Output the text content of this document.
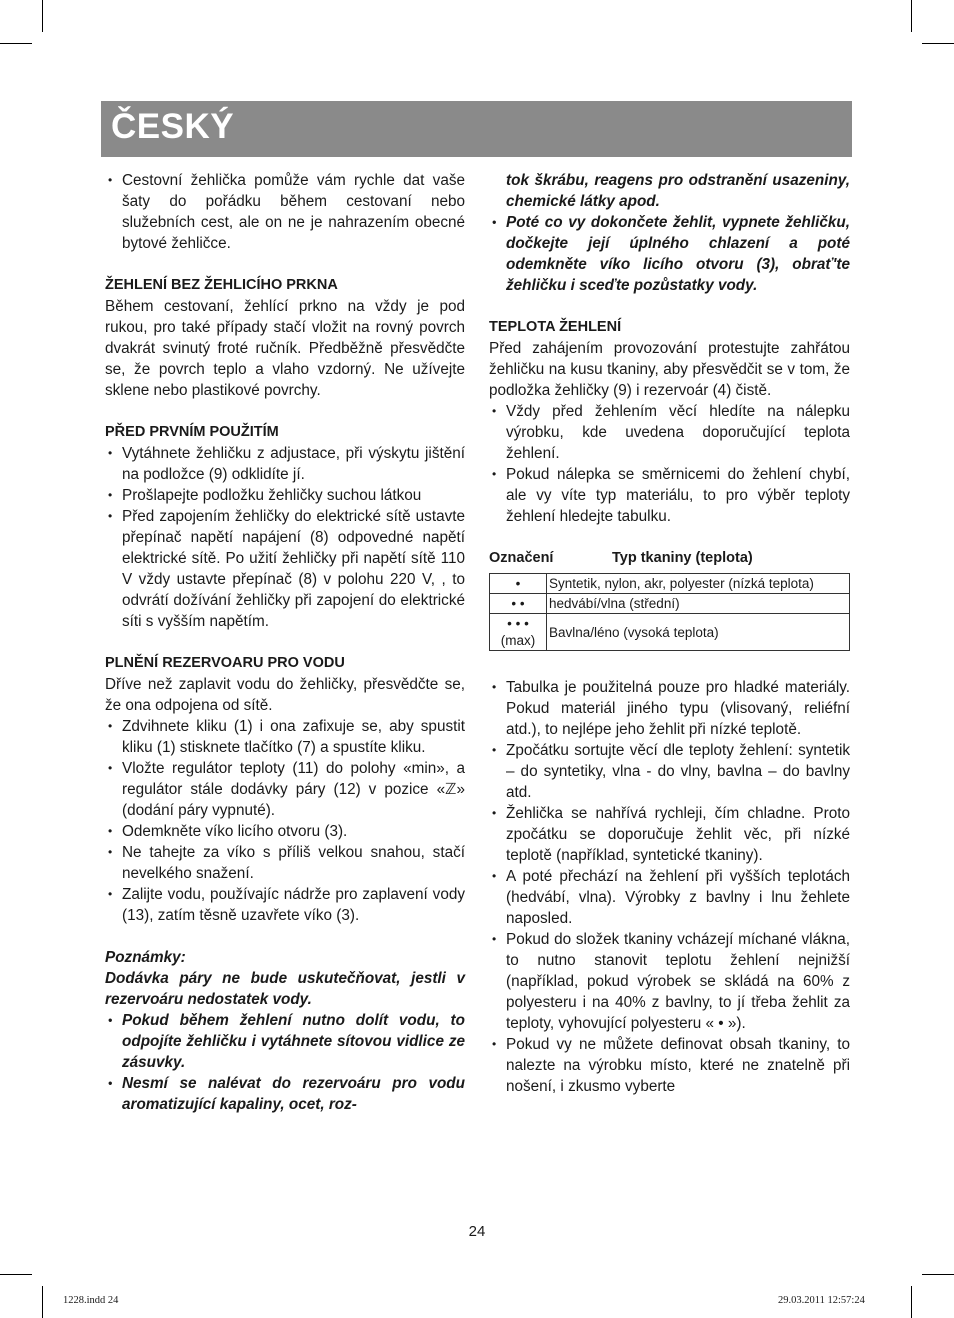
ČESKÝ
• Cestovní žehlička pomůže vám rychle dat vaše šaty do pořádku během cestovaní nebo služebních cest, ale on ne je nahrazením obecné bytové žehličce.
ŽEHLENÍ BEZ ŽEHLICÍHO PRKNA

Během cestovaní, žehlící prkno na vždy je pod rukou, pro také případy stačí vložit na rovný povrch dvakrát svinutý froté ručník. Předběžně přesvědčte se, že povrch teplo a vlaho vzdorný. Ne užívejte sklene nebo plastikové povrchy.

PŘED PRVNÍM POUŽITÍM
• Vytáhnete žehličku z adjustace, při výskytu jištění na podložce (9) odklidíte jí.
• Prošlapejte podložku žehličky suchou látkou
• Před zapojením žehličky do elektrické sítě ustavte přepínač napětí napájení (8) odpovedné napětí elektrické sítě. Po užití žehličky při napětí sítě 110 V vždy ustavte přepínač (8) v polohu 220 V, , to odvrátí dožívání žehličky při zapojení do elektrické síti s vyšším napětím.
PLNĚNÍ REZERVOARU PRO VODU

Dříve než zaplavit vodu do žehličky, přesvědčte se, že ona odpojena od sítě.

• Zdvihnete kliku (1) i ona zafixuje se, aby spustit kliku (1) stisknete tlačítko (7) a spustíte kliku.
• Vložte regulátor teploty (11) do polohy «min», a regulátor stále dodávky páry (12) v pozice «ℤ» (dodání páry vypnuté).
• Odemkněte víko licího otvoru (3).
• Ne tahejte za víko s příliš velkou snahou, stačí nevelkého snažení.
• Zalijte vodu, používajíc nádrže pro zaplavení vody (13), zatím těsně uzavřete víko (3).

Poznámky:

Dodávka páry ne bude uskutečňovat, jestli v rezervoáru nedostatek vody.

• Pokud během žehlení nutno dolít vodu, to odpojíte žehličku i vytáhnete sítovou vidlice ze zásuvky.
• Nesmí se nalévat do rezervoáru pro vodu aromatizující kapaliny, ocet, roz-

tok škrábu, reagens pro odstranění usazeniny, chemické látky apod.

• Poté co vy dokončete žehlit, vypnete žehličku, dočkejte její úplného chlazení a poté odemkněte víko licího otvoru (3), obrať'te žehličku i sceďte pozůstatky vody.
TEPLOTA ŽEHLENÍ

Před zahájením provozování protestujte zahřátou žehličku na kusu tkaniny, aby přesvědčit se v tom, že podložka žehličky (9) i rezervoár (4) čistě.

• Vždy před žehlením věcí hledíte na nálepku výrobku, kde uvedena doporučující teplota žehlení.
• Pokud nálepka se směrnicemi do žehlení chybí, ale vy víte typ materiálu, to pro výběr teploty žehlení hledejte tabulku.
Označení	Typ tkaniny (teplota)
•	Syntetik, nylon, akr, polyester (nízká teplota)
• •	hedvábí/vlna (střední)

• • •
(max)	Bavlna/léno (vysoká teplota)
• Tabulka je použitelná pouze pro hladké materiály. Pokud materiál jiného typu (vlisovaný, reliéfní atd.), to nejlépe jeho žehlit při nízké teplotě.
• Zpočátku sortujte věcí dle teploty žehlení: syntetik – do syntetiky, vlna - do vlny, bavlna – do bavlny atd.
• Žehlička se nahřívá rychleji, čím chladne. Proto zpočátku se doporučuje žehlit věc, při nízké teplotě (například, syntetické tkaniny).
• A poté přechází na žehlení při vyšších teplotách (hedvábí, vlna). Výrobky z bavlny i lnu žehlete naposled.
• Pokud do složek tkaniny vcházejí míchané vlákna, to nutno stanovit teplotu žehlení nejnižší (například, pokud výrobek se skládá na 60% z polyesteru i na 40% z bavlny, to jí třeba žehlit za teploty, vyhovující polyesteru « • »).
• Pokud vy ne můžete definovat obsah tkaniny, to nalezte na výrobku místo, které ne znatelně při nošení, i zkusmo vyberte
24
1228.indd 24	29.03.2011 12:57:24
